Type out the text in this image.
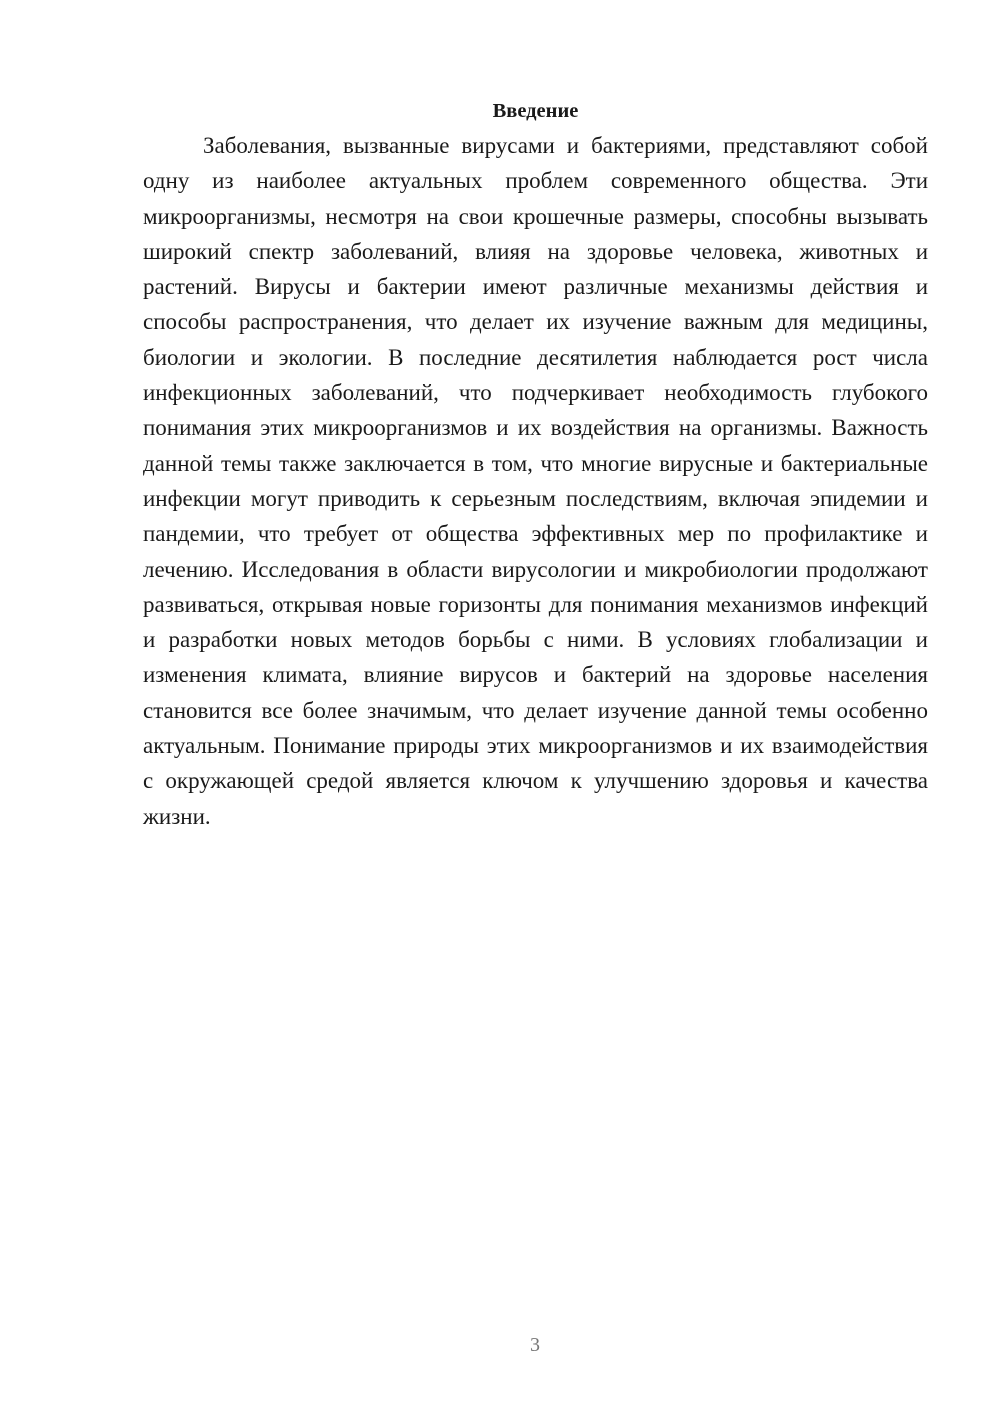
Введение

Заболевания, вызванные вирусами и бактериями, представляют собой одну из наиболее актуальных проблем современного общества. Эти микроорганизмы, несмотря на свои крошечные размеры, способны вызывать широкий спектр заболеваний, влияя на здоровье человека, животных и растений. Вирусы и бактерии имеют различные механизмы действия и способы распространения, что делает их изучение важным для медицины, биологии и экологии. В последние десятилетия наблюдается рост числа инфекционных заболеваний, что подчеркивает необходимость глубокого понимания этих микроорганизмов и их воздействия на организмы. Важность данной темы также заключается в том, что многие вирусные и бактериальные инфекции могут приводить к серьезным последствиям, включая эпидемии и пандемии, что требует от общества эффективных мер по профилактике и лечению. Исследования в области вирусологии и микробиологии продолжают развиваться, открывая новые горизонты для понимания механизмов инфекций и разработки новых методов борьбы с ними. В условиях глобализации и изменения климата, влияние вирусов и бактерий на здоровье населения становится все более значимым, что делает изучение данной темы особенно актуальным. Понимание природы этих микроорганизмов и их взаимодействия с окружающей средой является ключом к улучшению здоровья и качества жизни.

3
